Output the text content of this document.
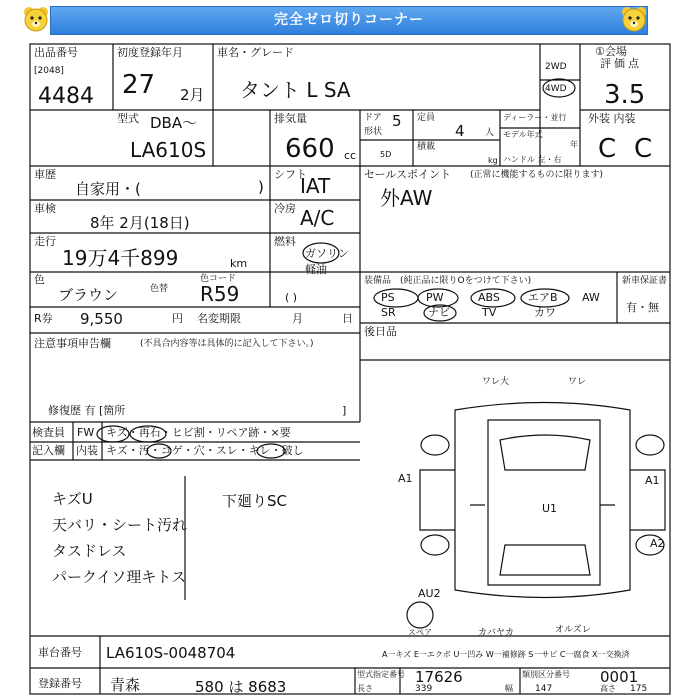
完全ゼロ切りコーナー
出品番号
[2048]
4484
初度登録年月
27 2月
車名・グレード
タント L SA
2WD
4WD
①会場
評価点
3.5
型式 DBA〜
LA610S
排気量
660 cc
ドア 5
形状
5D
定員
4 人
積載
kg
ディーラー・並行
モデル年式
年
ハンドル 左・右
外装 内装
C C
車歴
自家用・(	)
シフト
IAT
車検
8年 2月(18日)
冷房 A/C
走行
19万4千899	km
燃料
ガソリン
軽油
色
ブラウン	色替
色コード
R59	( )
R券 9,550	円 名変期限	月	日
注意事項申告欄	(不具合内容等は具体的に記入して下さい。)
修復歴 有 [箇所	]
セールスポイント (正常に機能するものに限ります)
外AW
装備品 (純正品に限りOをつけて下さい)	新車保証書
有・無
PS	PW	ABS	エアB AW
SR	ナビ	TV	カワ
後日品
検査員
記入欄
FW
内装
キズ・再石・ヒビ割・リペア跡・×要
キズ・汚・コゲ・穴・スレ・キレ・破し
キズU
天バリ・シート汚れ
タスドレス
パークイソ理キトス
下廻りSC
ワレ大	ワレ
A1
U1
A1
A2
AU2
カバヤカ	オルズレ
スペア
A一キズ E一エクボ U一凹み W一補修跡 S一サビ C一腐食 X一交換済
車台番号 LA610S-0048704
登録番号 青森	580 は 8683
型式指定番号 17626	類別区分番号 0001
長さ	339	幅 147	高さ 175
